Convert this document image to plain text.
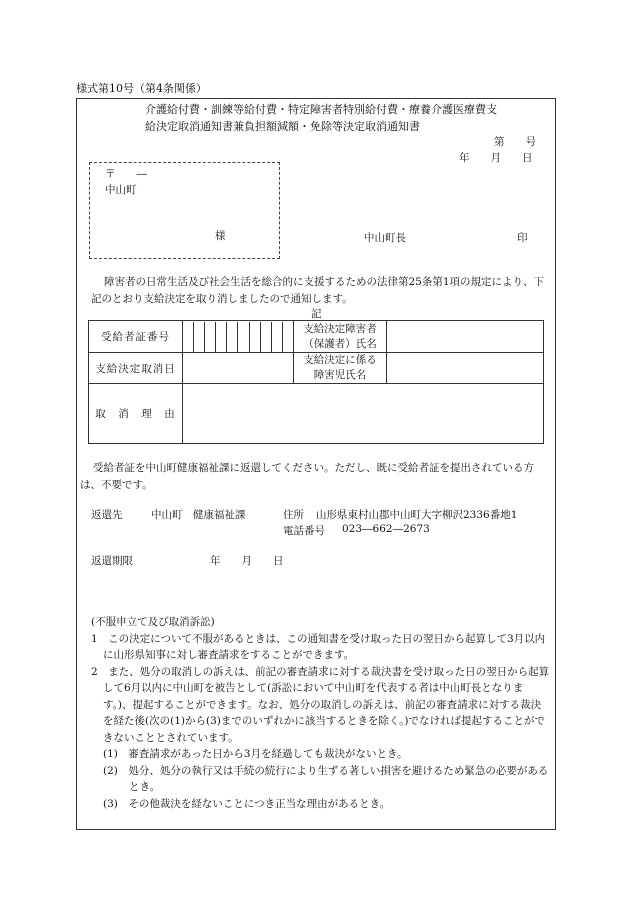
様式第10号（第4条関係）
介護給付費・訓練等給付費・特定障害者特別給付費・療養介護医療費支
給決定取消通知書兼負担額減額・免除等決定取消通知書
第　　号
年　　月　　日
〒　　―
中山町
様	中山町長	印
障害者の日常生活及び社会生活を総合的に支援するための法律第25条第1項の規定により、下記のとおり支給決定を取り消しましたので通知します。
記
受給者証番号		支給決定障害者
（保護者）氏名	

支給決定取消日		支給決定に係る
障害児氏名	

取　消　理　由			
受給者証を中山町健康福祉課に返還してください。ただし、既に受給者証を提出されている方は、不要です。
返還先	中山町　健康福祉課	住所 山形県東村山郡中山町大字柳沢2336番地1
電話番号 023―662―2673
返還期限	年　　月　　日
(不服申立て及び取消訴訟)
1　この決定について不服があるときは、この通知書を受け取った日の翌日から起算して3月以内に山形県知事に対し審査請求をすることができます。
2　また、処分の取消しの訴えは、前記の審査請求に対する裁決書を受け取った日の翌日から起算して6月以内に中山町を被告として(訴訟において中山町を代表する者は中山町長となります。)、提起することができます。なお、処分の取消しの訴えは、前記の審査請求に対する裁決を経た後(次の(1)から(3)までのいずれかに該当するときを除く。)でなければ提起することができないこととされています。
(1)　審査請求があった日から3月を経過しても裁決がないとき。
(2)　処分、処分の執行又は手続の続行により生ずる著しい損害を避けるため緊急の必要があるとき。
(3)　その他裁決を経ないことにつき正当な理由があるとき。
